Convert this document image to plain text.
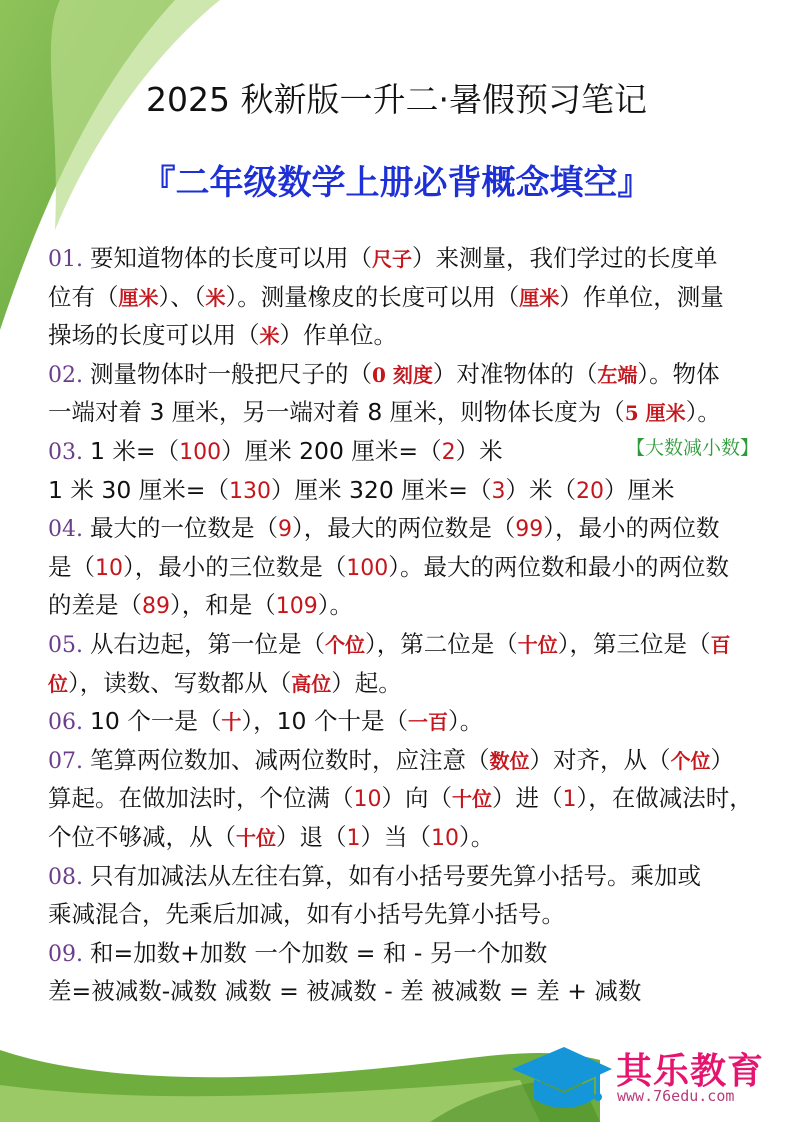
2025 秋新版一升二·暑假预习笔记
『二年级数学上册必背概念填空』
01. 要知道物体的长度可以用（尺子）来测量，我们学过的长度单
位有（厘米）、（米）。测量橡皮的长度可以用（厘米）作单位，测量
操场的长度可以用（米）作单位。
02. 测量物体时一般把尺子的（0 刻度）对准物体的（左端）。物体
一端对着 3 厘米，另一端对着 8 厘米，则物体长度为（5 厘米）。
03. 1 米=（100）厘米 200 厘米=（2）米
1 米 30 厘米=（130）厘米 320 厘米=（3）米（20）厘米
【大数减小数】
04. 最大的一位数是（9），最大的两位数是（99），最小的两位数
是（10），最小的三位数是（100）。最大的两位数和最小的两位数
的差是（89），和是（109）。
05. 从右边起，第一位是（个位），第二位是（十位），第三位是（百
位），读数、写数都从（高位）起。
06. 10 个一是（十），10 个十是（一百）。
07. 笔算两位数加、减两位数时，应注意（数位）对齐，从（个位）
算起。在做加法时，个位满（10）向（十位）进（1），在做减法时，
个位不够减，从（十位）退（1）当（10）。
08. 只有加减法从左往右算，如有小括号要先算小括号。乘加或
乘减混合，先乘后加减，如有小括号先算小括号。
09. 和=加数+加数 一个加数 = 和 - 另一个加数
差=被减数-减数 减数 = 被减数 - 差 被减数 = 差 + 减数
其乐教育
www.76edu.com
